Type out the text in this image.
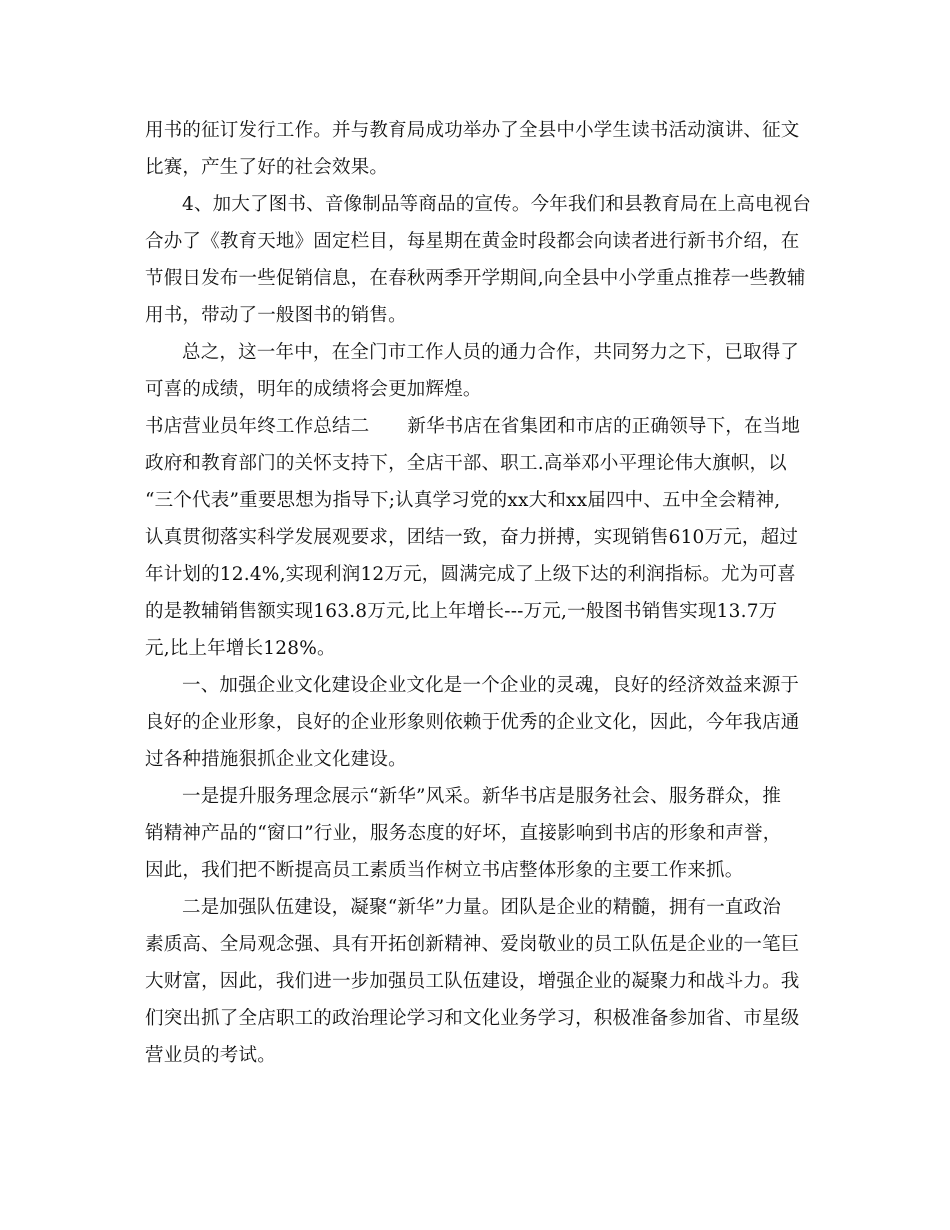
用书的征订发行工作。并与教育局成功举办了全县中小学生读书活动演讲、征文
比赛，产生了好的社会效果。
4、加大了图书、音像制品等商品的宣传。今年我们和县教育局在上高电视台
合办了《教育天地》固定栏目，每星期在黄金时段都会向读者进行新书介绍，在
节假日发布一些促销信息，在春秋两季开学期间,向全县中小学重点推荐一些教辅
用书，带动了一般图书的销售。
总之，这一年中，在全门市工作人员的通力合作，共同努力之下，已取得了
可喜的成绩，明年的成绩将会更加辉煌。
书店营业员年终工作总结二 新华书店在省集团和市店的正确领导下，在当地
政府和教育部门的关怀支持下，全店干部、职工.高举邓小平理论伟大旗帜，以
“三个代表”重要思想为指导下;认真学习党的xx大和xx届四中、五中全会精神,
认真贯彻落实科学发展观要求，团结一致，奋力拼搏，实现销售610万元，超过
年计划的12.4%,实现利润12万元，圆满完成了上级下达的利润指标。尤为可喜
的是教辅销售额实现163.8万元,比上年增长---万元,一般图书销售实现13.7万
元,比上年增长128%。
一、加强企业文化建设企业文化是一个企业的灵魂，良好的经济效益来源于
良好的企业形象，良好的企业形象则依赖于优秀的企业文化，因此，今年我店通
过各种措施狠抓企业文化建设。
一是提升服务理念展示“新华”风采。新华书店是服务社会、服务群众，推
销精神产品的“窗口”行业，服务态度的好坏，直接影响到书店的形象和声誉，
因此，我们把不断提高员工素质当作树立书店整体形象的主要工作来抓。
二是加强队伍建设，凝聚“新华”力量。团队是企业的精髓，拥有一直政治
素质高、全局观念强、具有开拓创新精神、爱岗敬业的员工队伍是企业的一笔巨
大财富，因此，我们进一步加强员工队伍建设，增强企业的凝聚力和战斗力。我
们突出抓了全店职工的政治理论学习和文化业务学习，积极准备参加省、市星级
营业员的考试。
